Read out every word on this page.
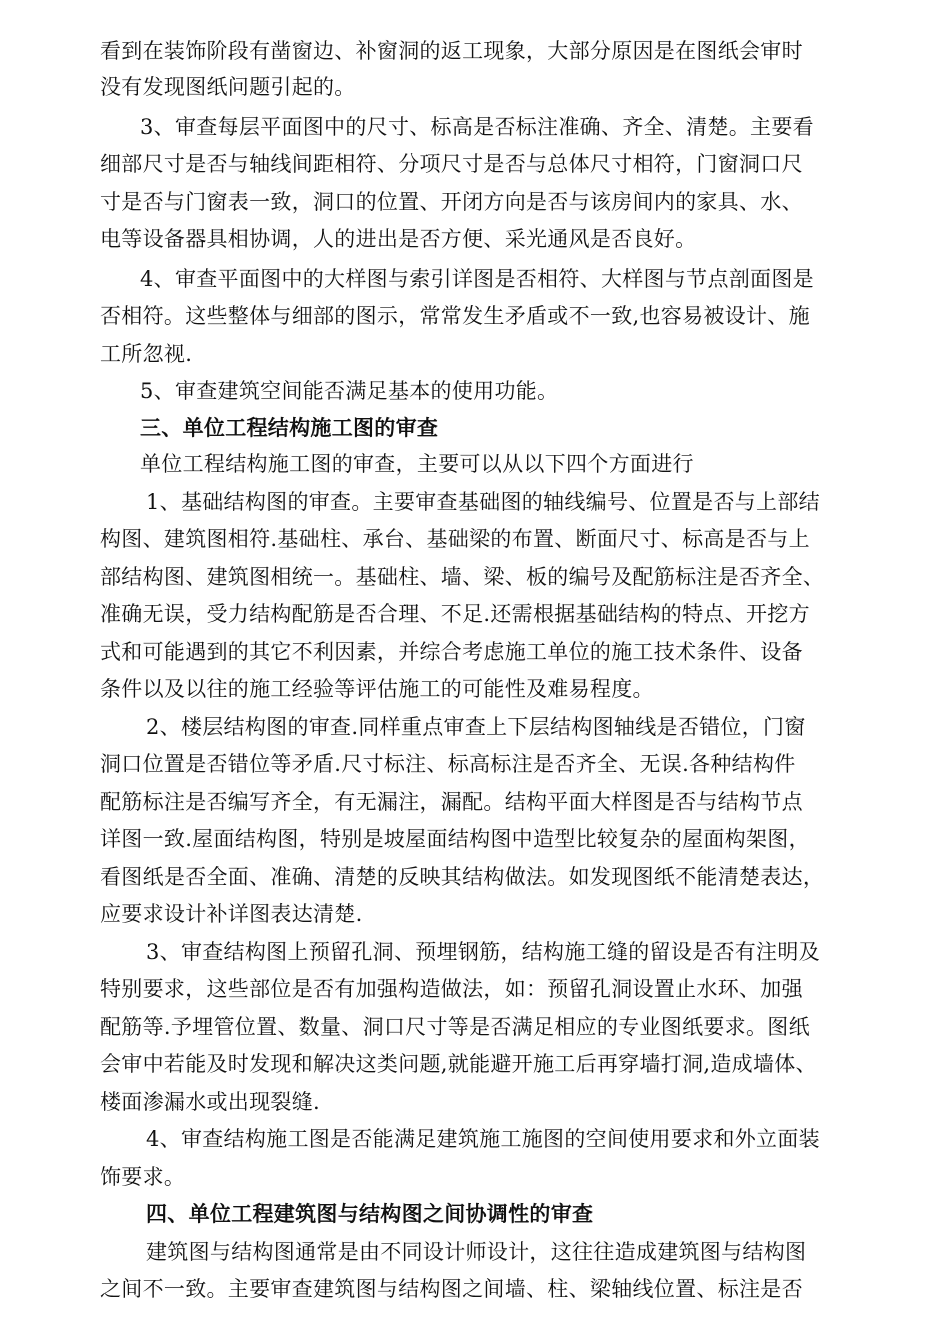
看到在装饰阶段有凿窗边、补窗洞的返工现象，大部分原因是在图纸会审时
没有发现图纸问题引起的。
3、审查每层平面图中的尺寸、标高是否标注准确、齐全、清楚。主要看
细部尺寸是否与轴线间距相符、分项尺寸是否与总体尺寸相符，门窗洞口尺
寸是否与门窗表一致，洞口的位置、开闭方向是否与该房间内的家具、水、
电等设备器具相协调，人的进出是否方便、采光通风是否良好。
4、审查平面图中的大样图与索引详图是否相符、大样图与节点剖面图是
否相符。这些整体与细部的图示，常常发生矛盾或不一致,也容易被设计、施
工所忽视.
5、审查建筑空间能否满足基本的使用功能。
三、单位工程结构施工图的审查
单位工程结构施工图的审查，主要可以从以下四个方面进行
1、基础结构图的审查。主要审查基础图的轴线编号、位置是否与上部结
构图、建筑图相符.基础柱、承台、基础梁的布置、断面尺寸、标高是否与上
部结构图、建筑图相统一。基础柱、墙、梁、板的编号及配筋标注是否齐全、
准确无误，受力结构配筋是否合理、不足.还需根据基础结构的特点、开挖方
式和可能遇到的其它不利因素，并综合考虑施工单位的施工技术条件、设备
条件以及以往的施工经验等评估施工的可能性及难易程度。
2、楼层结构图的审查.同样重点审查上下层结构图轴线是否错位，门窗
洞口位置是否错位等矛盾.尺寸标注、标高标注是否齐全、无误.各种结构件
配筋标注是否编写齐全，有无漏注，漏配。结构平面大样图是否与结构节点
详图一致.屋面结构图，特别是坡屋面结构图中造型比较复杂的屋面构架图，
看图纸是否全面、准确、清楚的反映其结构做法。如发现图纸不能清楚表达，
应要求设计补详图表达清楚.
3、审查结构图上预留孔洞、预埋钢筋，结构施工缝的留设是否有注明及
特别要求，这些部位是否有加强构造做法，如：预留孔洞设置止水环、加强
配筋等.予埋管位置、数量、洞口尺寸等是否满足相应的专业图纸要求。图纸
会审中若能及时发现和解决这类问题,就能避开施工后再穿墙打洞,造成墙体、
楼面渗漏水或出现裂缝.
4、审查结构施工图是否能满足建筑施工施图的空间使用要求和外立面装
饰要求。
四、单位工程建筑图与结构图之间协调性的审查
建筑图与结构图通常是由不同设计师设计，这往往造成建筑图与结构图
之间不一致。主要审查建筑图与结构图之间墙、柱、梁轴线位置、标注是否
